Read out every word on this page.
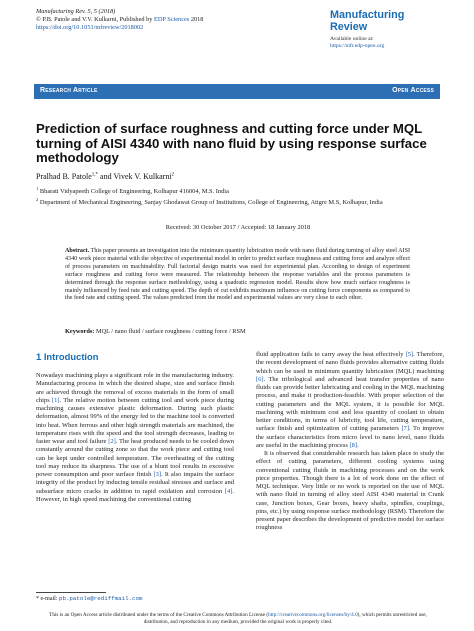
Manufacturing Rev. 5, 5 (2018)
© P.B. Patole and V.V. Kulkarni, Published by EDP Sciences 2018
https://doi.org/10.1051/mfreview/2018002
Manufacturing
Review
Available online at:
https://mfr.edp-open.org
Research Article	Open Access
Prediction of surface roughness and cutting force under MQL turning of AISI 4340 with nano fluid by using response surface methodology
Pralhad B. Patole$^{1,*}$ and Vivek V. Kulkarni$^2$
$^1$ Bharati Vidyapeeth College of Engineering, Kolhapur 416004, M.S. India
$^2$ Department of Mechanical Engineering, Sanjay Ghodawat Group of Institutions, College of Engineering, Atigre M.S, Kolhapur, India
Received: 30 October 2017 / Accepted: 18 January 2018
Abstract. This paper presents an investigation into the minimum quantity lubrication mode with nano fluid during turning of alloy steel AISI 4340 work piece material with the objective of experimental model in order to predict surface roughness and cutting force and analyze effect of process parameters on machinability. Full factorial design matrix was used for experimental plan. According to design of experiment surface roughness and cutting force were measured. The relationship between the response variables and the process parameters is determined through the response surface methodology, using a quadratic regression model. Results show how much surface roughness is mainly influenced by feed rate and cutting speed. The depth of cut exhibits maximum influence on cutting force components as compared to the feed rate and cutting speed. The values predicted from the model and experimental values are very close to each other.
Keywords: MQL / nano fluid / surface roughness / cutting force / RSM
1 Introduction

Nowadays machining plays a significant role in the manufacturing industry. Manufacturing process in which the desired shape, size and surface finish are achieved through the removal of excess materials in the form of small chips [1]. The relative motion between cutting tool and work piece during machining causes extensive plastic deformation. During such plastic deformation, almost 99% of the energy fed to the machine tool is converted into heat. When ferrous and other high strength materials are machined, the temperature rises with the speed and the tool strength decreases, leading to faster wear and tool failure [2]. The heat produced needs to be cooled down constantly around the cutting zone so that the work piece and cutting tool can be kept under controlled temperature. The overheating of the cutting tool may reduce its sharpness. The use of a blunt tool results in excessive power consumption and poor surface finish [3]. It also impairs the surface integrity of the product by inducing tensile residual stresses and surface and subsurface micro cracks in addition to rapid oxidation and corrosion [4]. However, in high speed machining the conventional cutting

fluid application fails to carry away the heat effectively [5]. Therefore, the recent development of nano fluids provides alternative cutting fluids which can be used in minimum quantity lubrication (MQL) machining [6]. The tribological and advanced heat transfer properties of nano fluids can provide better lubricating and cooling in the MQL machining process, and make it production-feasible. With proper selection of the cutting parameters and the MQL system, it is possible for MQL machining with minimum cost and less quantity of coolant to obtain better conditions, in terms of lubricity, tool life, cutting temperature, surface finish and optimization of cutting parameters [7]. To improve the surface characteristics from micro level to nano level, nano fluids are useful in the machining process [8].

It is observed that considerable research has taken place to study the effect of cutting parameters, different cooling systems using conventional cutting fluids in machining processes and on the work piece properties. Though there is a lot of work done on the effect of MQL technique. Very little or no work is reported on the use of MQL with nano fluid in turning of alloy steel AISI 4340 material in Crank case, Junction boxes, Gear boxes, heavy shafts, spindles, couplings, pins, etc.) by using response surface methodology (RSM). Therefore the present paper describes the development of predictive model for surface roughness

* e-mail: pb.patole@rediffmail.com
This is an Open Access article distributed under the terms of the Creative Commons Attribution License (http://creativecommons.org/licenses/by/4.0), which permits unrestricted use, distribution, and reproduction in any medium, provided the original work is properly cited.
